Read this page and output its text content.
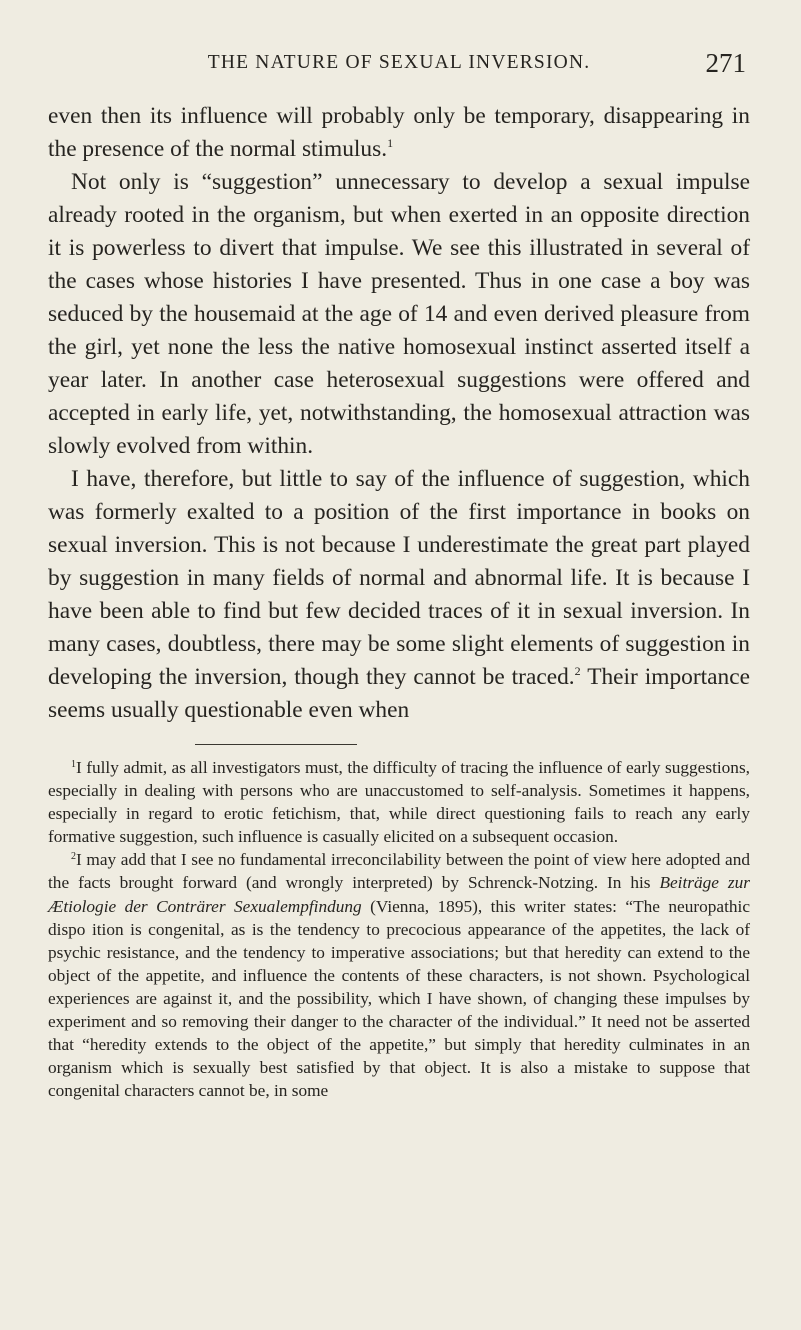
THE NATURE OF SEXUAL INVERSION.	271

even then its influence will probably only be temporary, disappearing in the presence of the normal stimulus.$^1$

Not only is “suggestion” unnecessary to develop a sexual impulse already rooted in the organism, but when exerted in an opposite direction it is powerless to divert that impulse. We see this illustrated in several of the cases whose histories I have presented. Thus in one case a boy was seduced by the housemaid at the age of 14 and even derived pleasure from the girl, yet none the less the native homosexual instinct asserted itself a year later. In another case heterosexual suggestions were offered and accepted in early life, yet, notwithstanding, the homosexual attraction was slowly evolved from within.

I have, therefore, but little to say of the influence of suggestion, which was formerly exalted to a position of the first importance in books on sexual inversion. This is not because I underestimate the great part played by suggestion in many fields of normal and abnormal life. It is because I have been able to find but few decided traces of it in sexual inversion. In many cases, doubtless, there may be some slight elements of suggestion in developing the inversion, though they cannot be traced.$^2$ Their importance seems usually questionable even when

$^1$I fully admit, as all investigators must, the difficulty of tracing the influence of early suggestions, especially in dealing with persons who are unaccustomed to self-analysis. Sometimes it happens, especially in regard to erotic fetichism, that, while direct questioning fails to reach any early formative suggestion, such influence is casually elicited on a subsequent occasion.

$^2$I may add that I see no fundamental irreconcilability between the point of view here adopted and the facts brought forward (and wrongly interpreted) by Schrenck-Notzing. In his Beiträge zur Ætiologie der Conträrer Sexualempfindung (Vienna, 1895), this writer states: “The neuropathic dispo ition is congenital, as is the tendency to precocious appearance of the appetites, the lack of psychic resistance, and the tendency to imperative associations; but that heredity can extend to the object of the appetite, and influence the contents of these characters, is not shown. Psychological experiences are against it, and the possibility, which I have shown, of changing these impulses by experiment and so removing their danger to the character of the individual.” It need not be asserted that “heredity extends to the object of the appetite,” but simply that heredity culminates in an organism which is sexually best satisfied by that object. It is also a mistake to suppose that congenital characters cannot be, in some
